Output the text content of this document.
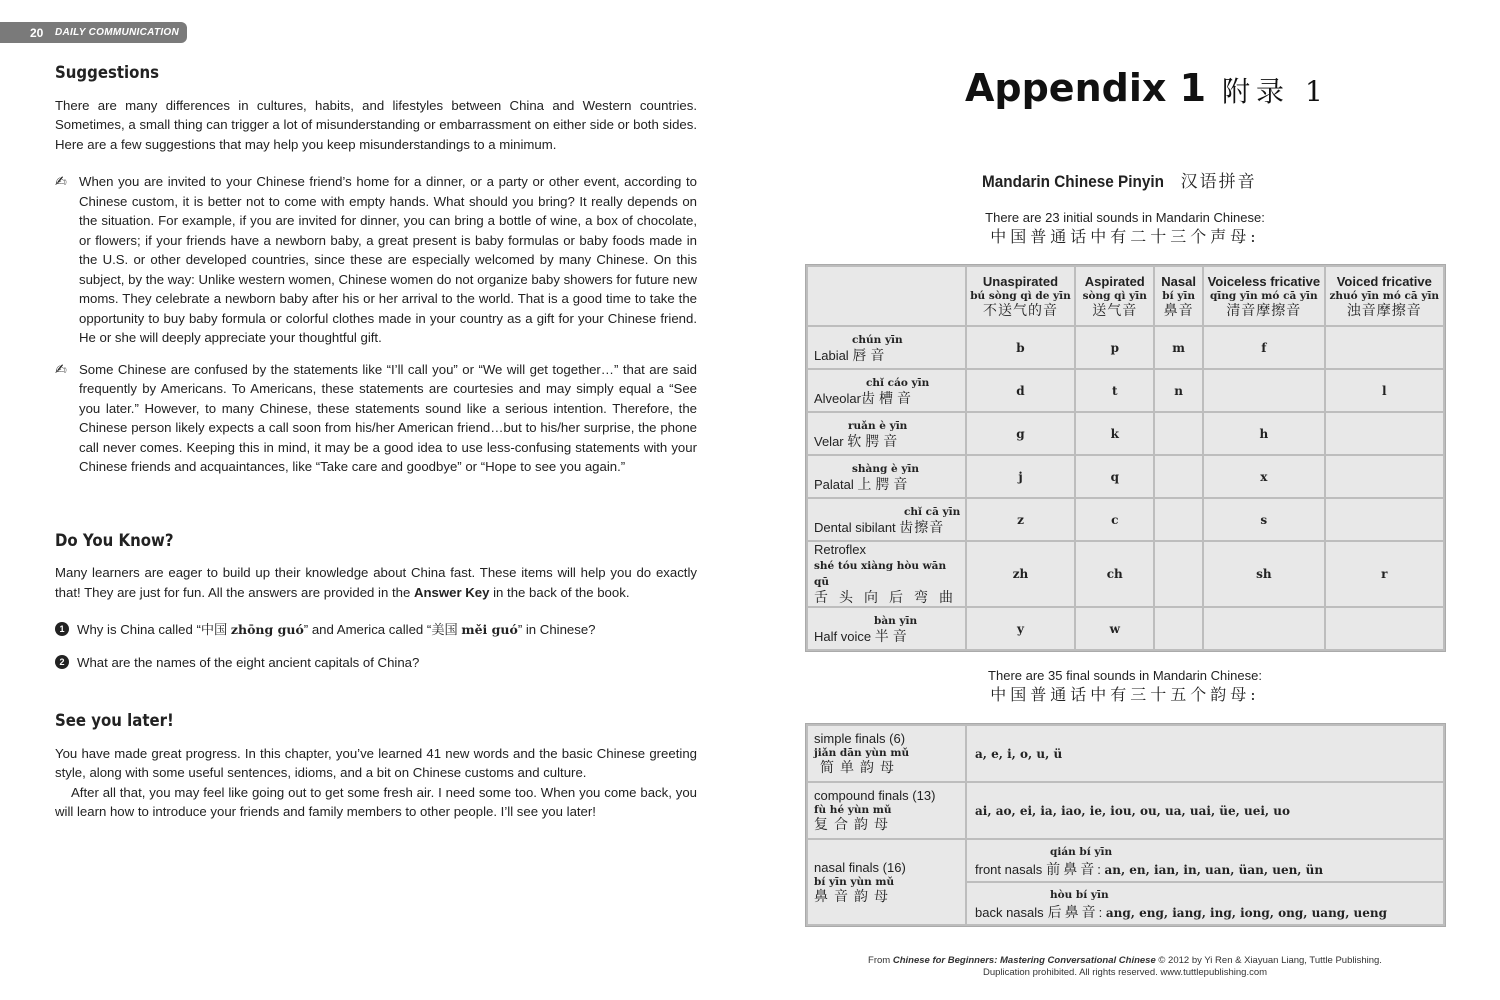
20	DAILY COMMUNICATION
Suggestions

There are many differences in cultures, habits, and lifestyles between China and Western countries. Sometimes, a small thing can trigger a lot of misunderstanding or embarrassment on either side or both sides. Here are a few suggestions that may help you keep misunderstandings to a minimum.

✍ When you are invited to your Chinese friend’s home for a dinner, or a party or other event, according to Chinese custom, it is better not to come with empty hands. What should you bring? It really depends on the situation. For example, if you are invited for dinner, you can bring a bottle of wine, a box of chocolate, or flowers; if your friends have a newborn baby, a great present is baby formulas or baby foods made in the U.S. or other developed countries, since these are especially welcomed by many Chinese. On this subject, by the way: Unlike western women, Chinese women do not organize baby showers for future new moms. They celebrate a newborn baby after his or her arrival to the world. That is a good time to take the opportunity to buy baby formula or colorful clothes made in your country as a gift for your Chinese friend. He or she will deeply appreciate your thoughtful gift.
✍ Some Chinese are confused by the statements like “I’ll call you” or “We will get together…” that are said frequently by Americans. To Americans, these statements are courtesies and may simply equal a “See you later.” However, to many Chinese, these statements sound like a serious intention. Therefore, the Chinese person likely expects a call soon from his/her American friend…but to his/her surprise, the phone call never comes. Keeping this in mind, it may be a good idea to use less-confusing statements with your Chinese friends and acquaintances, like “Take care and goodbye” or “Hope to see you again.”
Do You Know?

Many learners are eager to build up their knowledge about China fast. These items will help you do exactly that! They are just for fun. All the answers are provided in the Answer Key in the back of the book.

1 Why is China called “中国 zhōng guó” and America called “美国 měi guó” in Chinese?
2 What are the names of the eight ancient capitals of China?
See you later!

You have made great progress. In this chapter, you’ve learned 41 new words and the basic Chinese greeting style, along with some useful sentences, idioms, and a bit on Chinese customs and culture.

After all that, you may feel like going out to get some fresh air. I need some too. When you come back, you will learn how to introduce your friends and family members to other people. I’ll see you later!

Appendix 1 附录 1
Mandarin Chinese Pinyin 汉语拼音
There are 23 initial sounds in Mandarin Chinese:
中国普通话中有二十三个声母:

	Unaspirated
bú sòng qì de yīn
不送气的音	Aspirated
sòng qì yīn
送气音	Nasal
bí yīn
鼻音	Voiceless fricative
qīng yīn mó cā yīn
清音摩擦音	Voiced fricative
zhuó yīn mó cā yīn
浊音摩擦音

chún yīn
Labial 唇音	b	p	m	f	

chǐ cáo yīn
Alveolar齿槽音	d	t	n		l

ruǎn è yīn
Velar 软腭音	g	k		h	

shàng è yīn
Palatal 上腭音	j	q		x	

chǐ cā yīn
Dental sibilant 齿擦音	z	c		s	

Retroflex
shé tóu xiàng hòu wān qū
舌头向后弯曲	zh	ch		sh	r

bàn yīn
Half voice 半音	y	w			
There are 35 final sounds in Mandarin Chinese:
中国普通话中有三十五个韵母:
simple finals (6)
jiǎn dān yùn mǔ
简单韵母	a, e, i, o, u, ü

compound finals (13)
fù hé yùn mǔ
复合韵母	ai, ao, ei, ia, iao, ie, iou, ou, ua, uai, üe, uei, uo

nasal finals (16)
bí yīn yùn mǔ
鼻音韵母	qián bí yīn
front nasals 前鼻音: an, en, ian, in, uan, üan, uen, ün

	hòu bí yīn
back nasals 后鼻音: ang, eng, iang, ing, iong, ong, uang, ueng
From Chinese for Beginners: Mastering Conversational Chinese © 2012 by Yi Ren & Xiayuan Liang, Tuttle Publishing.
Duplication prohibited. All rights reserved. www.tuttlepublishing.com
